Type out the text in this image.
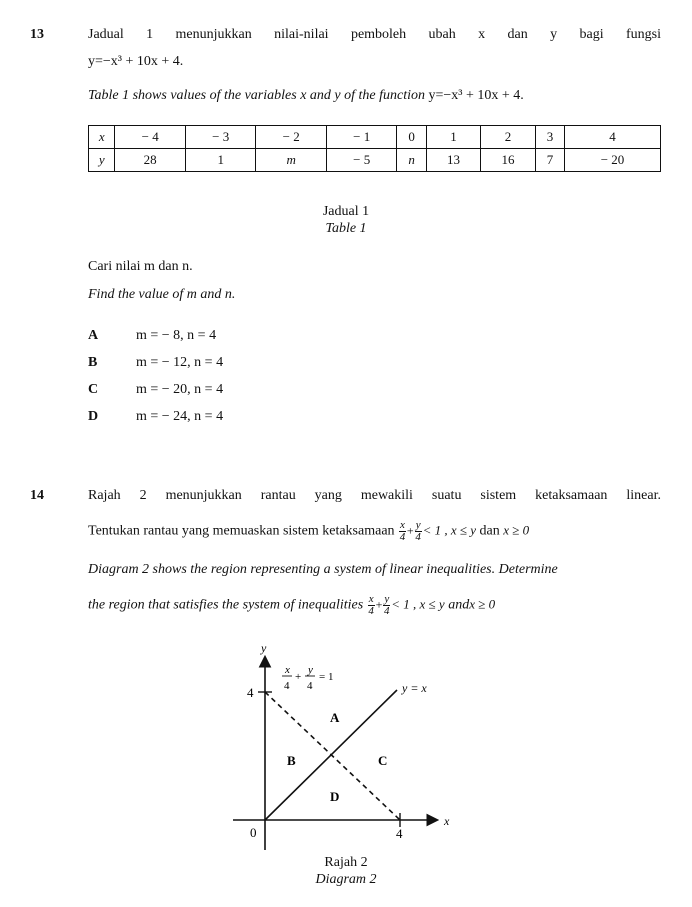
13	Jadual 1 menunjukkan nilai-nilai pemboleh ubah x dan y bagi fungsi
y=−x³ + 10x + 4.
Table 1 shows values of the variables x and y of the function y=−x³ + 10x + 4.
x	− 4	− 3	− 2	− 1	0	1	2	3	4
y	28	1	m	− 5	n	13	16	7	− 20
Jadual 1
Table 1
Cari nilai m dan n.
Find the value of m and n.
A	m = − 8, n = 4
B	m = − 12, n = 4
C	m = − 20, n = 4
D	m = − 24, n = 4
14	Rajah 2 menunjukkan rantau yang mewakili suatu sistem ketaksamaan linear.
Tentukan rantau yang memuaskan sistem ketaksamaan $\frac{x}{4} + \frac{y}{4} < 1$ , x ≤ y dan x ≥ 0
Diagram 2 shows the region representing a system of linear inequalities. Determine
the region that satisfies the system of inequalities $\frac{x}{4} + \frac{y}{4} < 1$ , x ≤ y andx ≥ 0
y
x
0
4
4
x
4
+
y
4
= 1
y = x
A
B	C
D
Rajah 2
Diagram 2
